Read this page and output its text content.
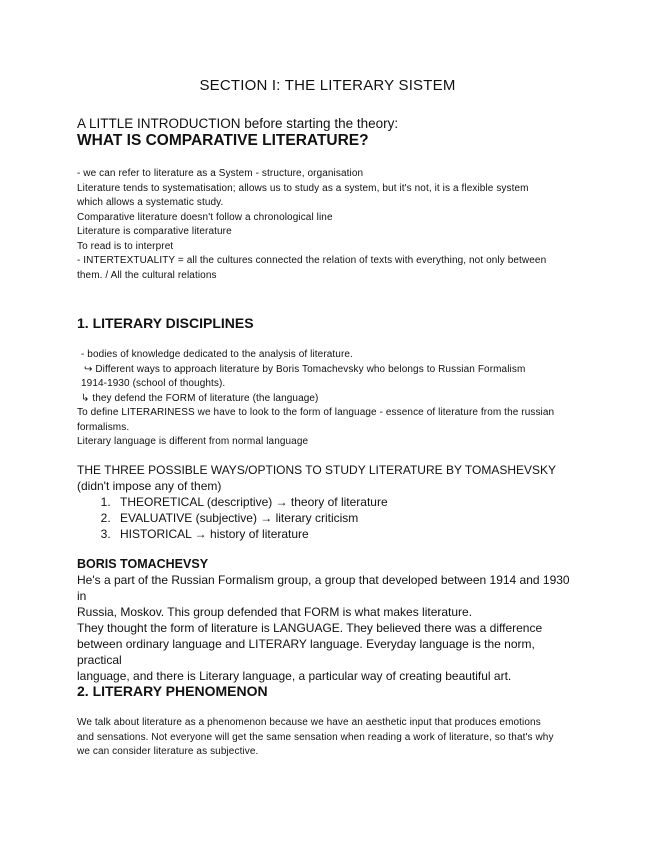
SECTION I: THE LITERARY SISTEM
A LITTLE INTRODUCTION before starting the theory:
WHAT IS COMPARATIVE LITERATURE?

- we can refer to literature as a System - structure, organisation

Literature tends to systematisation; allows us to study as a system, but it's not, it is a flexible system

which allows a systematic study.

Comparative literature doesn't follow a chronological line

Literature is comparative literature

To read is to interpret

- INTERTEXTUALITY = all the cultures connected the relation of texts with everything, not only between

them. / All the cultural relations

1. LITERARY DISCIPLINES

- bodies of knowledge dedicated to the analysis of literature.

↪ Different ways to approach literature by Boris Tomachevsky who belongs to Russian Formalism

1914-1930 (school of thoughts).

↳ they defend the FORM of literature (the language)

To define LITERARINESS we have to look to the form of language - essence of literature from the russian

formalisms.

Literary language is different from normal language

THE THREE POSSIBLE WAYS/OPTIONS TO STUDY LITERATURE BY TOMASHEVSKY

(didn't impose any of them)

1. THEORETICAL (descriptive) → theory of literature
2. EVALUATIVE (subjective) → literary criticism
3. HISTORICAL → history of literature
BORIS TOMACHEVSY

He's a part of the Russian Formalism group, a group that developed between 1914 and 1930 in

Russia, Moskov. This group defended that FORM is what makes literature.

They thought the form of literature is LANGUAGE. They believed there was a difference

between ordinary language and LITERARY language. Everyday language is the norm, practical

language, and there is Literary language, a particular way of creating beautiful art.

2. LITERARY PHENOMENON

We talk about literature as a phenomenon because we have an aesthetic input that produces emotions

and sensations. Not everyone will get the same sensation when reading a work of literature, so that's why

we can consider literature as subjective.
